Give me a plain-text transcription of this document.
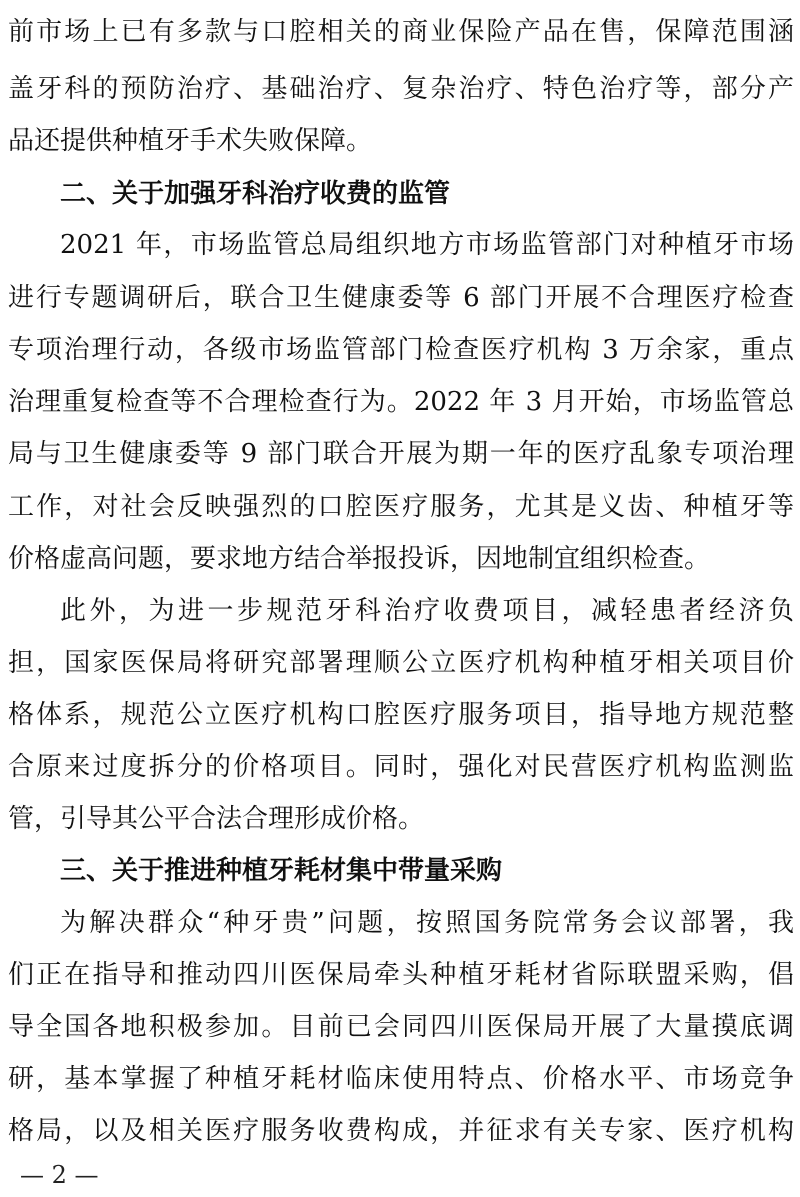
前市场上已有多款与口腔相关的商业保险产品在售，保障范围涵
盖牙科的预防治疗、基础治疗、复杂治疗、特色治疗等，部分产
品还提供种植牙手术失败保障。
二、关于加强牙科治疗收费的监管
2021 年，市场监管总局组织地方市场监管部门对种植牙市场
进行专题调研后，联合卫生健康委等 6 部门开展不合理医疗检查
专项治理行动，各级市场监管部门检查医疗机构 3 万余家，重点
治理重复检查等不合理检查行为。2022 年 3 月开始，市场监管总
局与卫生健康委等 9 部门联合开展为期一年的医疗乱象专项治理
工作，对社会反映强烈的口腔医疗服务，尤其是义齿、种植牙等
价格虚高问题，要求地方结合举报投诉，因地制宜组织检查。
此外，为进一步规范牙科治疗收费项目，减轻患者经济负
担，国家医保局将研究部署理顺公立医疗机构种植牙相关项目价
格体系，规范公立医疗机构口腔医疗服务项目，指导地方规范整
合原来过度拆分的价格项目。同时，强化对民营医疗机构监测监
管，引导其公平合法合理形成价格。
三、关于推进种植牙耗材集中带量采购
为解决群众“种牙贵”问题，按照国务院常务会议部署，我
们正在指导和推动四川医保局牵头种植牙耗材省际联盟采购，倡
导全国各地积极参加。目前已会同四川医保局开展了大量摸底调
研，基本掌握了种植牙耗材临床使用特点、价格水平、市场竞争
格局，以及相关医疗服务收费构成，并征求有关专家、医疗机构
— 2 —
